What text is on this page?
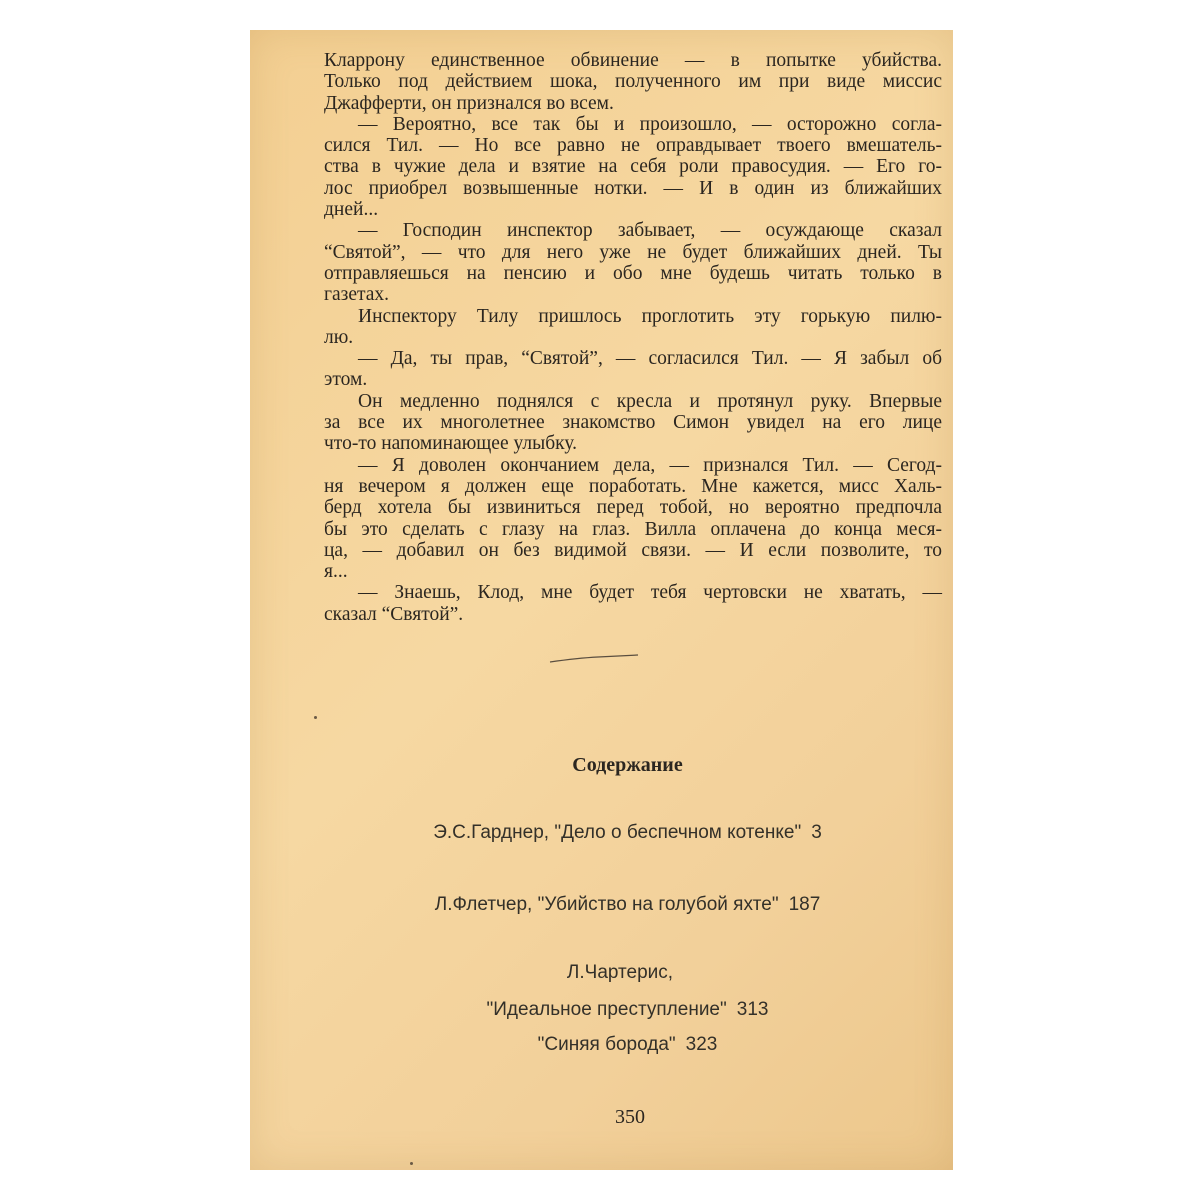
Кларрону единственное обвинение — в попытке убийства.
Только под действием шока, полученного им при виде миссис
Джафферти, он признался во всем.
— Вероятно, все так бы и произошло, — осторожно согла-
сился Тил. — Но все равно не оправдывает твоего вмешатель-
ства в чужие дела и взятие на себя роли правосудия. — Его го-
лос приобрел возвышенные нотки. — И в один из ближайших
дней...
— Господин инспектор забывает, — осуждающе сказал
“Святой”, — что для него уже не будет ближайших дней. Ты
отправляешься на пенсию и обо мне будешь читать только в
газетах.
Инспектору Тилу пришлось проглотить эту горькую пилю-
лю.
— Да, ты прав, “Святой”, — согласился Тил. — Я забыл об
этом.
Он медленно поднялся с кресла и протянул руку. Впервые
за все их многолетнее знакомство Симон увидел на его лице
что-то напоминающее улыбку.
— Я доволен окончанием дела, — признался Тил. — Сегод-
ня вечером я должен еще поработать. Мне кажется, мисс Халь-
берд хотела бы извиниться перед тобой, но вероятно предпочла
бы это сделать с глазу на глаз. Вилла оплачена до конца меся-
ца, — добавил он без видимой связи. — И если позволите, то
я...
— Знаешь, Клод, мне будет тебя чертовски не хватать, —
сказал “Святой”.
Содержание
Э.С.Гарднер, "Дело о беспечном котенке" 3
Л.Флетчер, "Убийство на голубой яхте" 187
Л.Чартерис,
"Идеальное преступление" 313
"Синяя борода" 323
350
